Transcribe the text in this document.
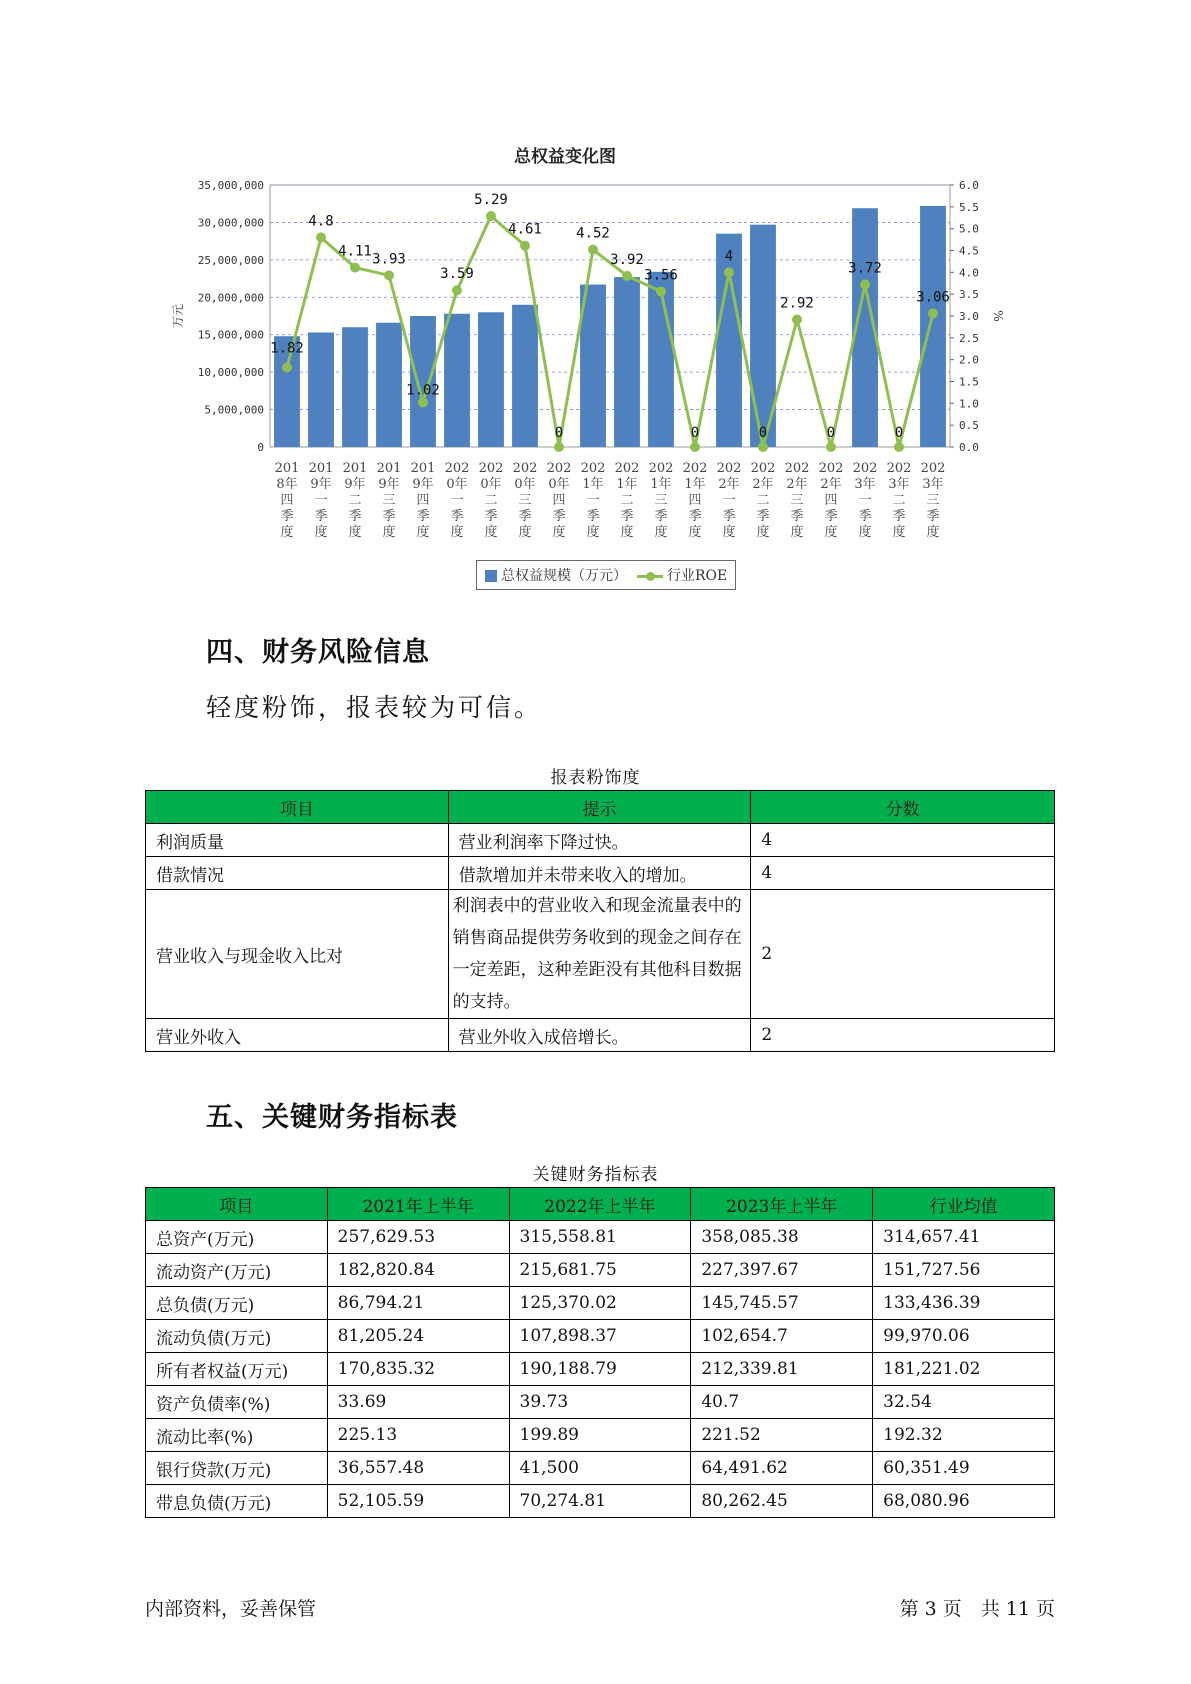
总权益变化图
0
5,000,000
10,000,000
15,000,000
20,000,000
25,000,000
30,000,000
35,000,000
0.0
0.5
1.0
1.5
2.0
2.5
3.0
3.5
4.0
4.5
5.0
5.5
6.0
万元	%
201 8年四季度
201 9年一季度
201 9年二季度
201 9年三季度
201 9年四季度
202 0年一季度
202 0年二季度
202 0年三季度
202 0年四季度
202 1年一季度
202 1年二季度
202 1年三季度
202 1年四季度
202 2年一季度
202 2年二季度
202 2年三季度
202 2年四季度
202 3年一季度
202 3年二季度
202 3年三季度
1.82
4.8
4.11 3.93
1.02
3.59
5.29
4.61
0
4.52
3.92
3.56
0
4
0
2.92
0
3.72
0
3.06
总权益规模（万元）	行业ROE
四、财务风险信息
轻度粉饰，报表较为可信。
报表粉饰度
项目	提示	分数
利润质量	营业利润率下降过快。	4
借款情况	借款增加并未带来收入的增加。	4
营业收入与现金收入比对	利润表中的营业收入和现金流量表中的销售商品提供劳务收到的现金之间存在一定差距，这种差距没有其他科目数据的支持。	2
营业外收入	营业外收入成倍增长。	2
五、关键财务指标表
关键财务指标表
项目	2021年上半年	2022年上半年	2023年上半年	行业均值
总资产(万元)	257,629.53	315,558.81	358,085.38	314,657.41
流动资产(万元)	182,820.84	215,681.75	227,397.67	151,727.56
总负债(万元)	86,794.21	125,370.02	145,745.57	133,436.39
流动负债(万元)	81,205.24	107,898.37	102,654.7	99,970.06
所有者权益(万元)	170,835.32	190,188.79	212,339.81	181,221.02
资产负债率(%)	33.69	39.73	40.7	32.54
流动比率(%)	225.13	199.89	221.52	192.32
银行贷款(万元)	36,557.48	41,500	64,491.62	60,351.49
带息负债(万元)	52,105.59	70,274.81	80,262.45	68,080.96
内部资料，妥善保管	第 3 页　共 11 页
